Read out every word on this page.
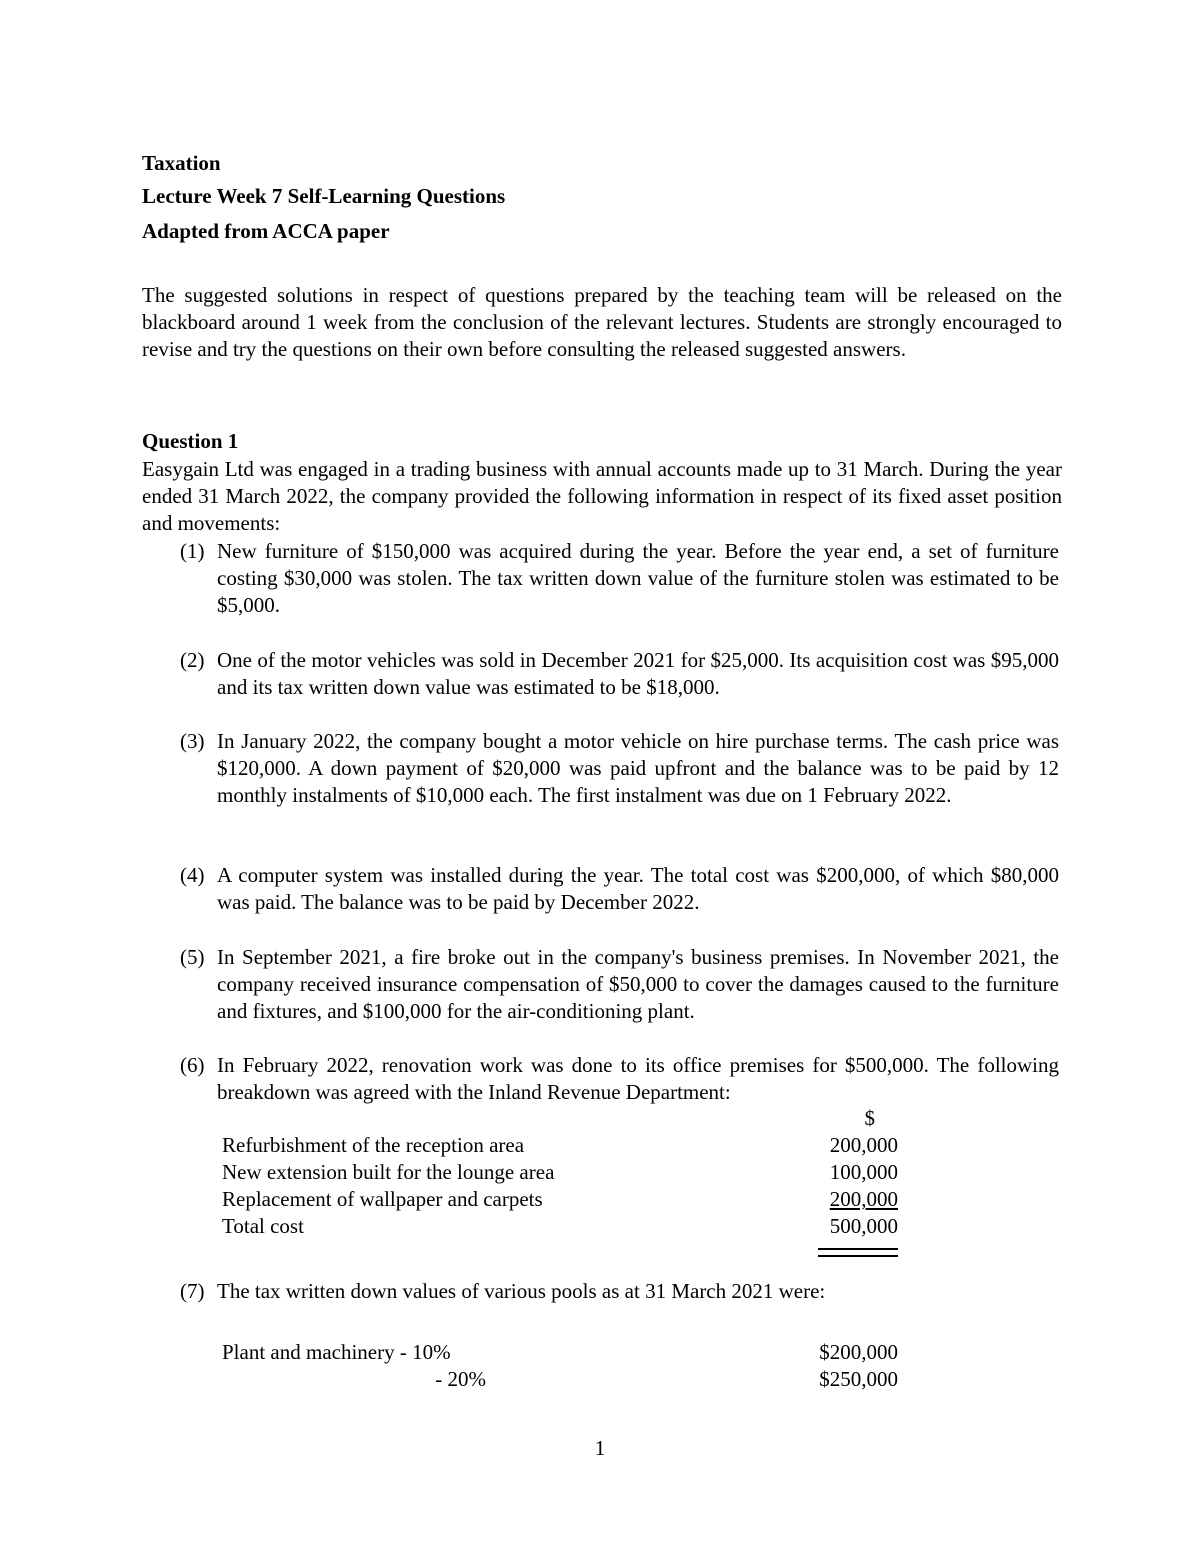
Taxation
Lecture Week 7 Self-Learning Questions
Adapted from ACCA paper
The suggested solutions in respect of questions prepared by the teaching team will be released on the blackboard around 1 week from the conclusion of the relevant lectures. Students are strongly encouraged to revise and try the questions on their own before consulting the released suggested answers.
Question 1
Easygain Ltd was engaged in a trading business with annual accounts made up to 31 March. During the year ended 31 March 2022, the company provided the following information in respect of its fixed asset position and movements:
(1) New furniture of $150,000 was acquired during the year. Before the year end, a set of furniture costing $30,000 was stolen. The tax written down value of the furniture stolen was estimated to be $5,000.
(2) One of the motor vehicles was sold in December 2021 for $25,000. Its acquisition cost was $95,000 and its tax written down value was estimated to be $18,000.
(3) In January 2022, the company bought a motor vehicle on hire purchase terms. The cash price was $120,000. A down payment of $20,000 was paid upfront and the balance was to be paid by 12 monthly instalments of $10,000 each. The first instalment was due on 1 February 2022.
(4) A computer system was installed during the year. The total cost was $200,000, of which $80,000 was paid. The balance was to be paid by December 2022.
(5) In September 2021, a fire broke out in the company's business premises. In November 2021, the company received insurance compensation of $50,000 to cover the damages caused to the furniture and fixtures, and $100,000 for the air-conditioning plant.
(6) In February 2022, renovation work was done to its office premises for $500,000. The following breakdown was agreed with the Inland Revenue Department:
$
Refurbishment of the reception area	200,000
New extension built for the lounge area	100,000
Replacement of wallpaper and carpets	200,000
Total cost	500,000
(7) The tax written down values of various pools as at 31 March 2021 were:
Plant and machinery - 10%	$200,000
- 20%	$250,000
1
